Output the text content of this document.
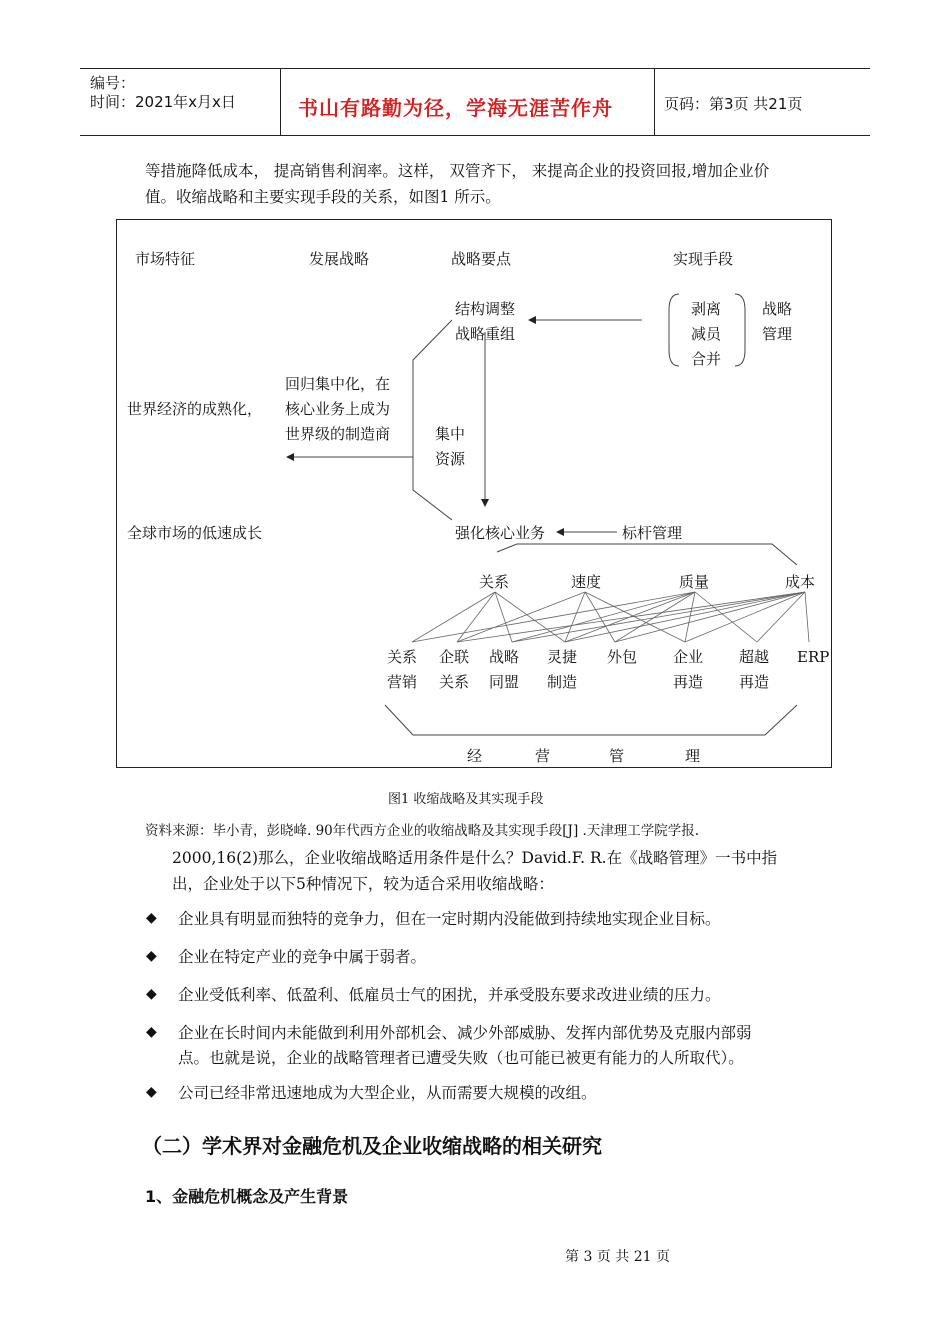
编号：
时间：2021年x月x日	书山有路勤为径，学海无涯苦作舟	页码：第3页 共21页
等措施降低成本， 提高销售利润率。这样， 双管齐下， 来提高企业的投资回报,增加企业价
值。收缩战略和主要实现手段的关系，如图1 所示。
市场特征	发展战略	战略要点	实现手段
结构调整
战略重组
剥离
减员
合并
战略
管理
世界经济的成熟化，
回归集中化，在
核心业务上成为
世界级的制造商	集中
资源
全球市场的低速成长	强化核心业务	标杆管理
关系	速度	质量	成本
关系
营销
企联
关系
战略
同盟
灵捷
制造
外包 企业
再造
超越
再造
ERP
经	营	管	理
图1 收缩战略及其实现手段
资料来源：毕小青，彭晓峰. 90年代西方企业的收缩战略及其实现手段[J] .天津理工学院学报.
2000,16(2)那么，企业收缩战略适用条件是什么？David.F. R.在《战略管理》一书中指
出，企业处于以下5种情况下，较为适合采用收缩战略：
◆ 企业具有明显而独特的竞争力，但在一定时期内没能做到持续地实现企业目标。
◆ 企业在特定产业的竞争中属于弱者。
◆ 企业受低利率、低盈利、低雇员士气的困扰，并承受股东要求改进业绩的压力。
◆ 企业在长时间内未能做到利用外部机会、减少外部威胁、发挥内部优势及克服内部弱
点。也就是说，企业的战略管理者已遭受失败（也可能已被更有能力的人所取代）。
◆ 公司已经非常迅速地成为大型企业，从而需要大规模的改组。
（二）学术界对金融危机及企业收缩战略的相关研究
1、金融危机概念及产生背景
第 3 页 共 21 页
